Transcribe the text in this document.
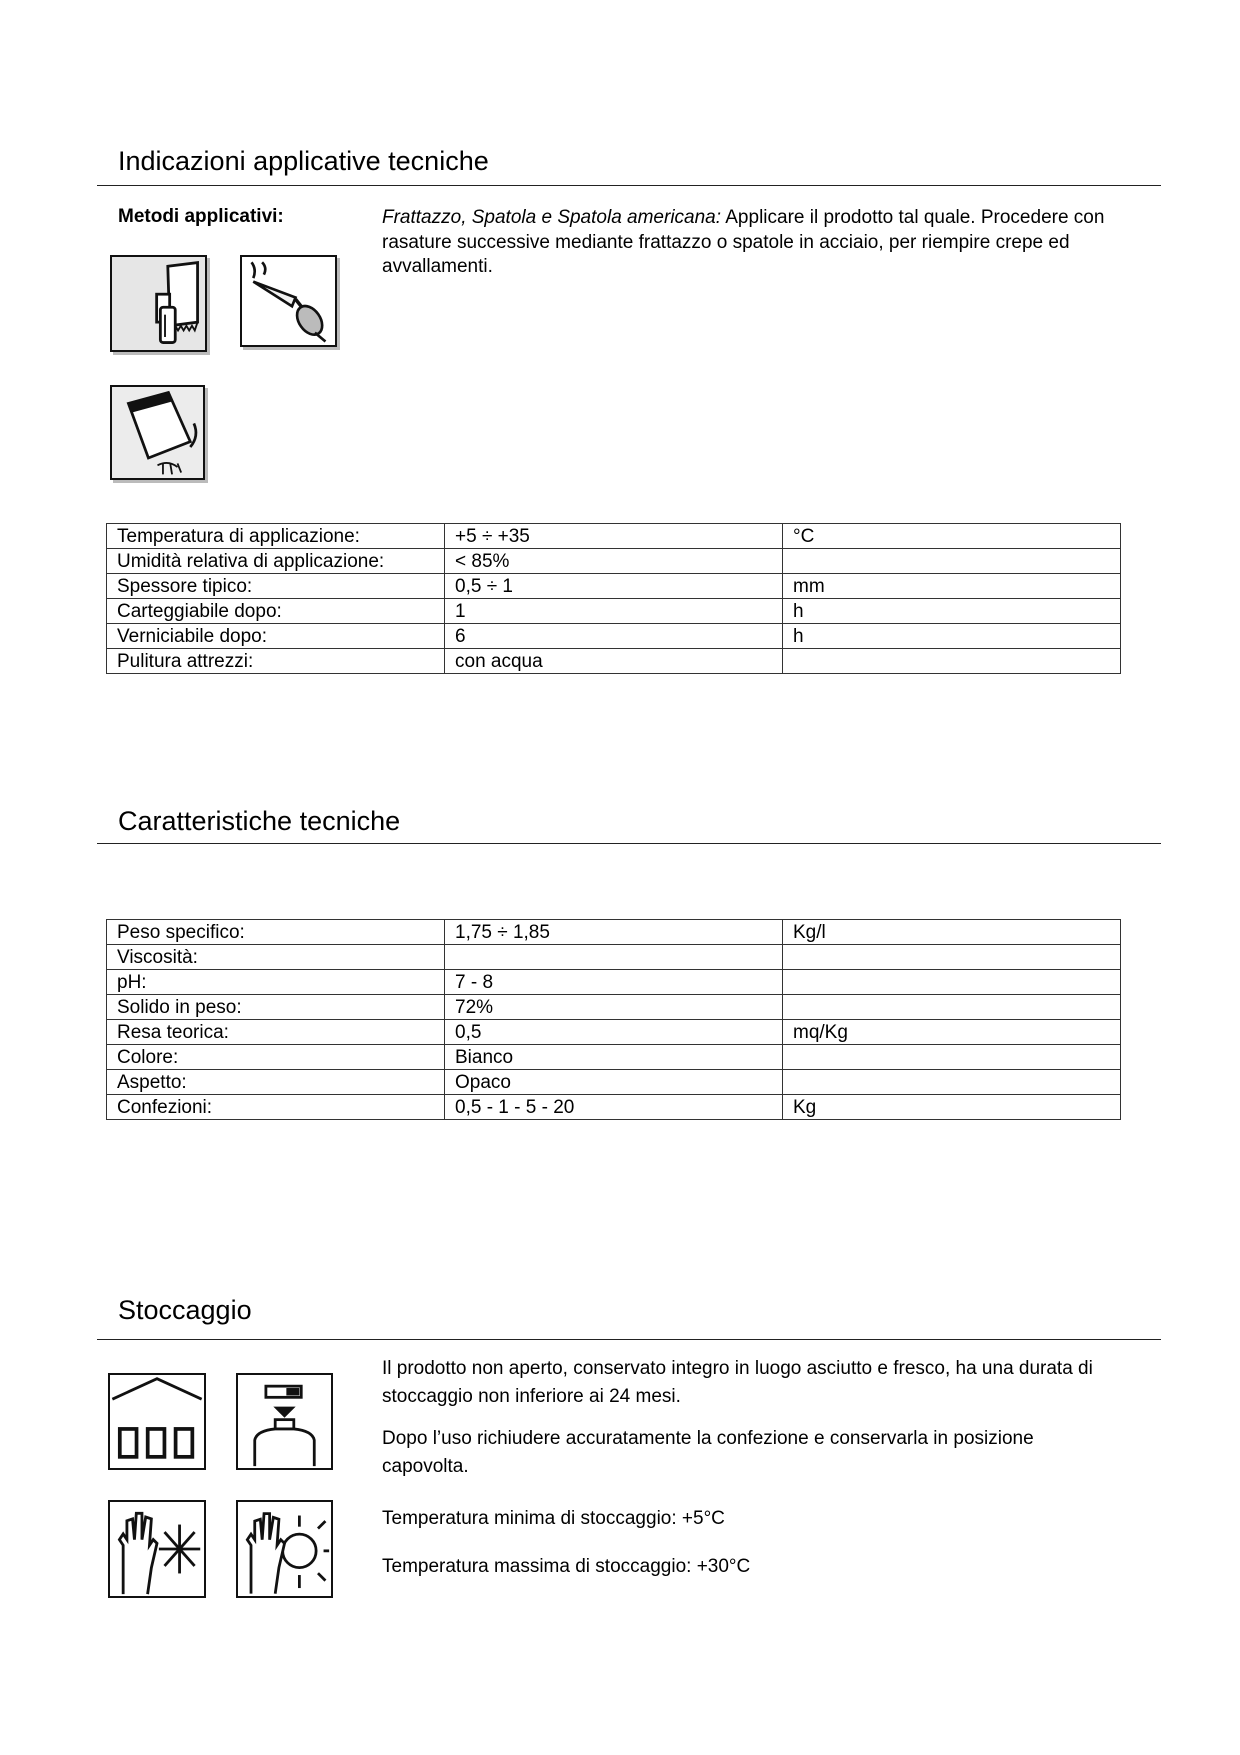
Indicazioni applicative tecniche
Metodi applicativi:	Frattazzo, Spatola e Spatola americana: Applicare il prodotto tal quale. Procedere con rasature successive mediante frattazzo o spatole in acciaio, per riempire crepe ed avvallamenti.

Temperatura di applicazione:	+5 ÷ +35	°C
Umidità relativa di applicazione:	< 85%	
Spessore tipico:	0,5 ÷ 1	mm
Carteggiabile dopo:	1	h
Verniciabile dopo:	6	h
Pulitura attrezzi:	con acqua	
Caratteristiche tecniche
Peso specifico:	1,75 ÷ 1,85	Kg/l
Viscosità:		
pH:	7 - 8	
Solido in peso:	72%	
Resa teorica:	0,5	mq/Kg
Colore:	Bianco	
Aspetto:	Opaco	
Confezioni:	0,5 - 1 - 5 - 20	Kg
Stoccaggio

Il prodotto non aperto, conservato integro in luogo asciutto e fresco, ha una durata di stoccaggio non inferiore ai 24 mesi.

Dopo l’uso richiudere accuratamente la confezione e conservarla in posizione capovolta.

Temperatura minima di stoccaggio: +5°C

Temperatura massima di stoccaggio: +30°C
